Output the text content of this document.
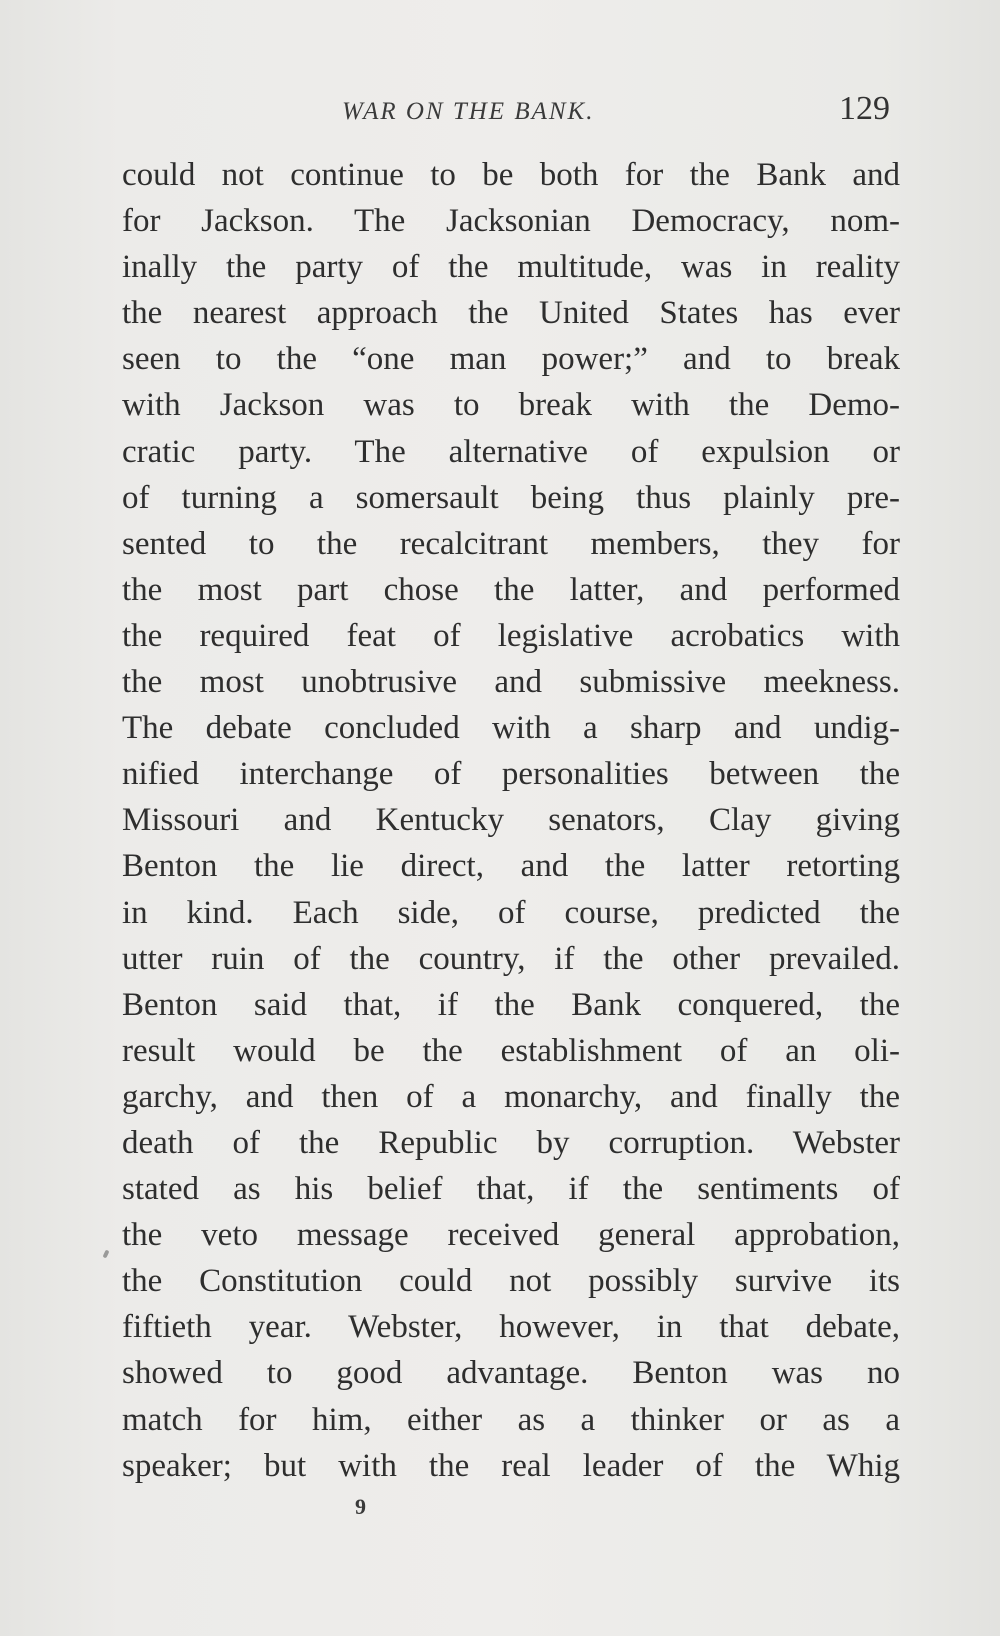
WAR ON THE BANK.	129
could not continue to be both for the Bank and
for Jackson. The Jacksonian Democracy, nom-
inally the party of the multitude, was in reality
the nearest approach the United States has ever
seen to the “one man power;” and to break
with Jackson was to break with the Demo-
cratic party. The alternative of expulsion or
of turning a somersault being thus plainly pre-
sented to the recalcitrant members, they for
the most part chose the latter, and performed
the required feat of legislative acrobatics with
the most unobtrusive and submissive meekness.
The debate concluded with a sharp and undig-
nified interchange of personalities between the
Missouri and Kentucky senators, Clay giving
Benton the lie direct, and the latter retorting
in kind. Each side, of course, predicted the
utter ruin of the country, if the other prevailed.
Benton said that, if the Bank conquered, the
result would be the establishment of an oli-
garchy, and then of a monarchy, and finally the
death of the Republic by corruption. Webster
stated as his belief that, if the sentiments of
the veto message received general approbation,
the Constitution could not possibly survive its
fiftieth year. Webster, however, in that debate,
showed to good advantage. Benton was no
match for him, either as a thinker or as a
speaker; but with the real leader of the Whig
9
